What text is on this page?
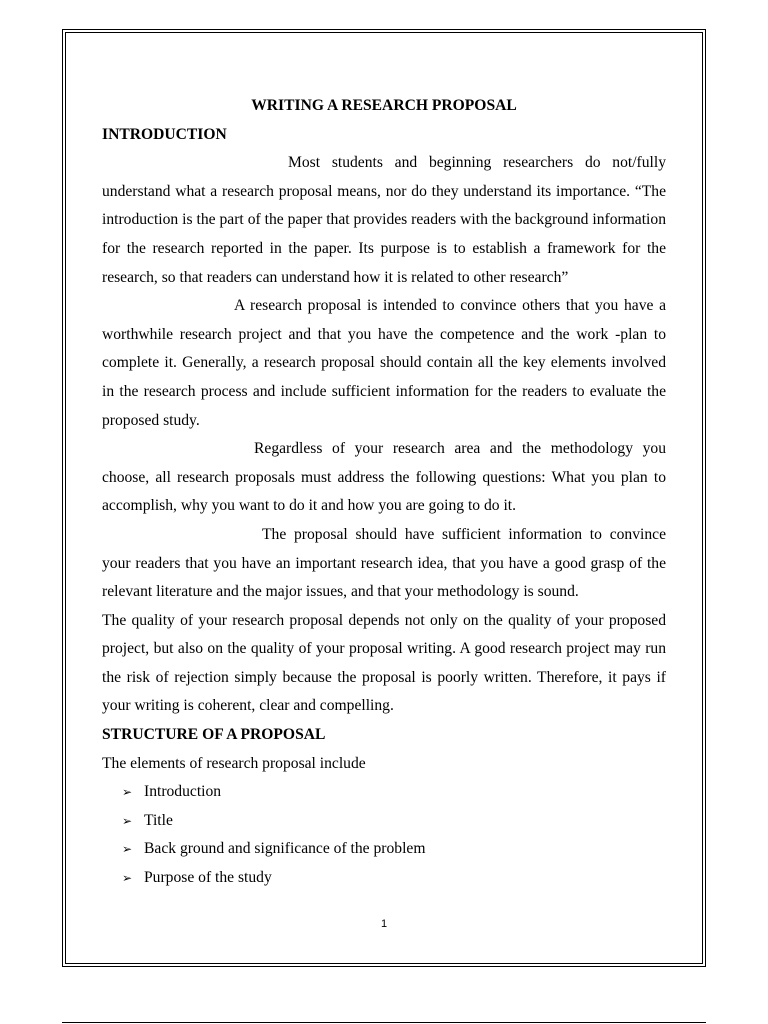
WRITING A RESEARCH PROPOSAL

INTRODUCTION

Most students and beginning researchers do not/fully understand what a research proposal means, nor do they understand its importance. “The introduction is the part of the paper that provides readers with the background information for the research reported in the paper. Its purpose is to establish a framework for the research, so that readers can understand how it is related to other research”

A research proposal is intended to convince others that you have a worthwhile research project and that you have the competence and the work -plan to complete it. Generally, a research proposal should contain all the key elements involved in the research process and include sufficient information for the readers to evaluate the proposed study.

Regardless of your research area and the methodology you choose, all research proposals must address the following questions: What you plan to accomplish, why you want to do it and how you are going to do it.

The proposal should have sufficient information to convince your readers that you have an important research idea, that you have a good grasp of the relevant literature and the major issues, and that your methodology is sound.

The quality of your research proposal depends not only on the quality of your proposed project, but also on the quality of your proposal writing. A good research project may run the risk of rejection simply because the proposal is poorly written. Therefore, it pays if your writing is coherent, clear and compelling.

STRUCTURE OF A PROPOSAL

The elements of research proposal include

➢ Introduction
➢ Title
➢ Back ground and significance of the problem
➢ Purpose of the study
1
